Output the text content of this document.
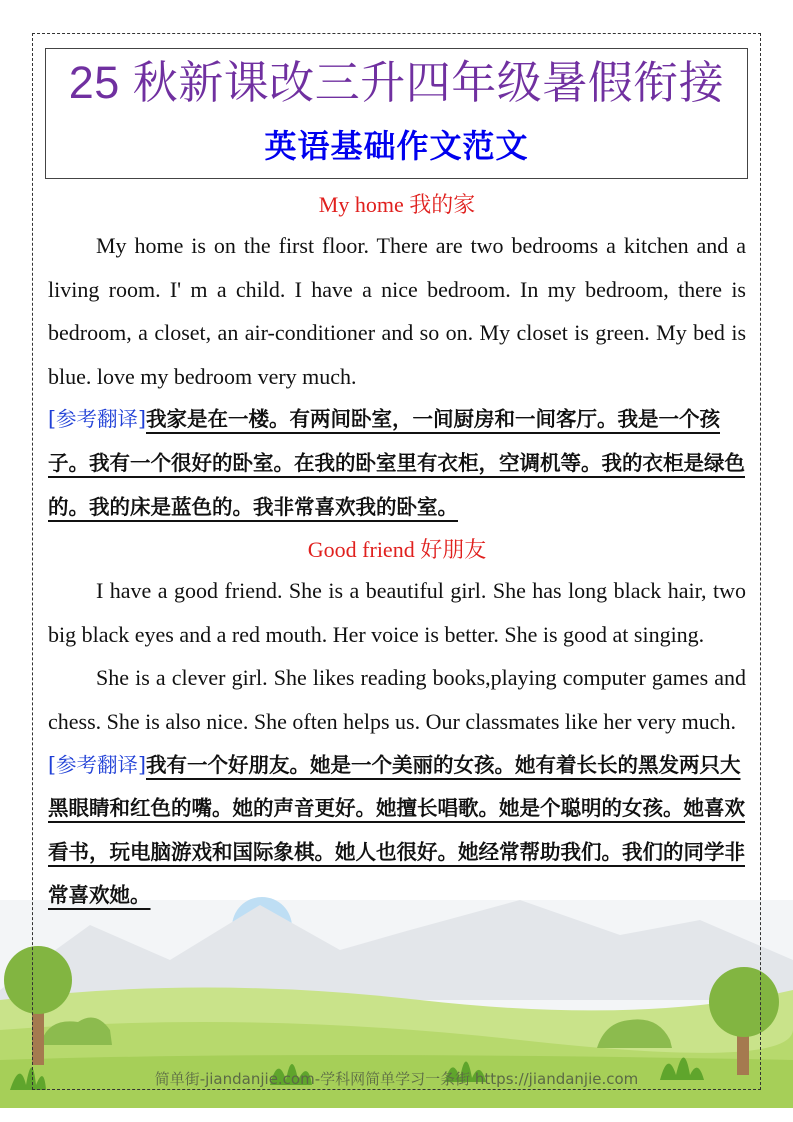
25 秋新课改三升四年级暑假衔接
英语基础作文范文
My home 我的家

My home is on the first floor. There are two bedrooms a kitchen and a living room. I' m a child. I have a nice bedroom. In my bedroom, there is bedroom, a closet, an air-conditioner and so on. My closet is green. My bed is blue. love my bedroom very much.

[参考翻译]我家是在一楼。有两间卧室，一间厨房和一间客厅。我是一个孩子。我有一个很好的卧室。在我的卧室里有衣柜，空调机等。我的衣柜是绿色的。我的床是蓝色的。我非常喜欢我的卧室。

Good friend 好朋友

I have a good friend. She is a beautiful girl. She has long black hair, two big black eyes and a red mouth. Her voice is better. She is good at singing.

She is a clever girl. She likes reading books,playing computer games and chess. She is also nice. She often helps us. Our classmates like her very much.

[参考翻译]我有一个好朋友。她是一个美丽的女孩。她有着长长的黑发两只大黑眼睛和红色的嘴。她的声音更好。她擅长唱歌。她是个聪明的女孩。她喜欢看书，玩电脑游戏和国际象棋。她人也很好。她经常帮助我们。我们的同学非常喜欢她。

简单街-jiandanjie.com-学科网简单学习一条街 https://jiandanjie.com
